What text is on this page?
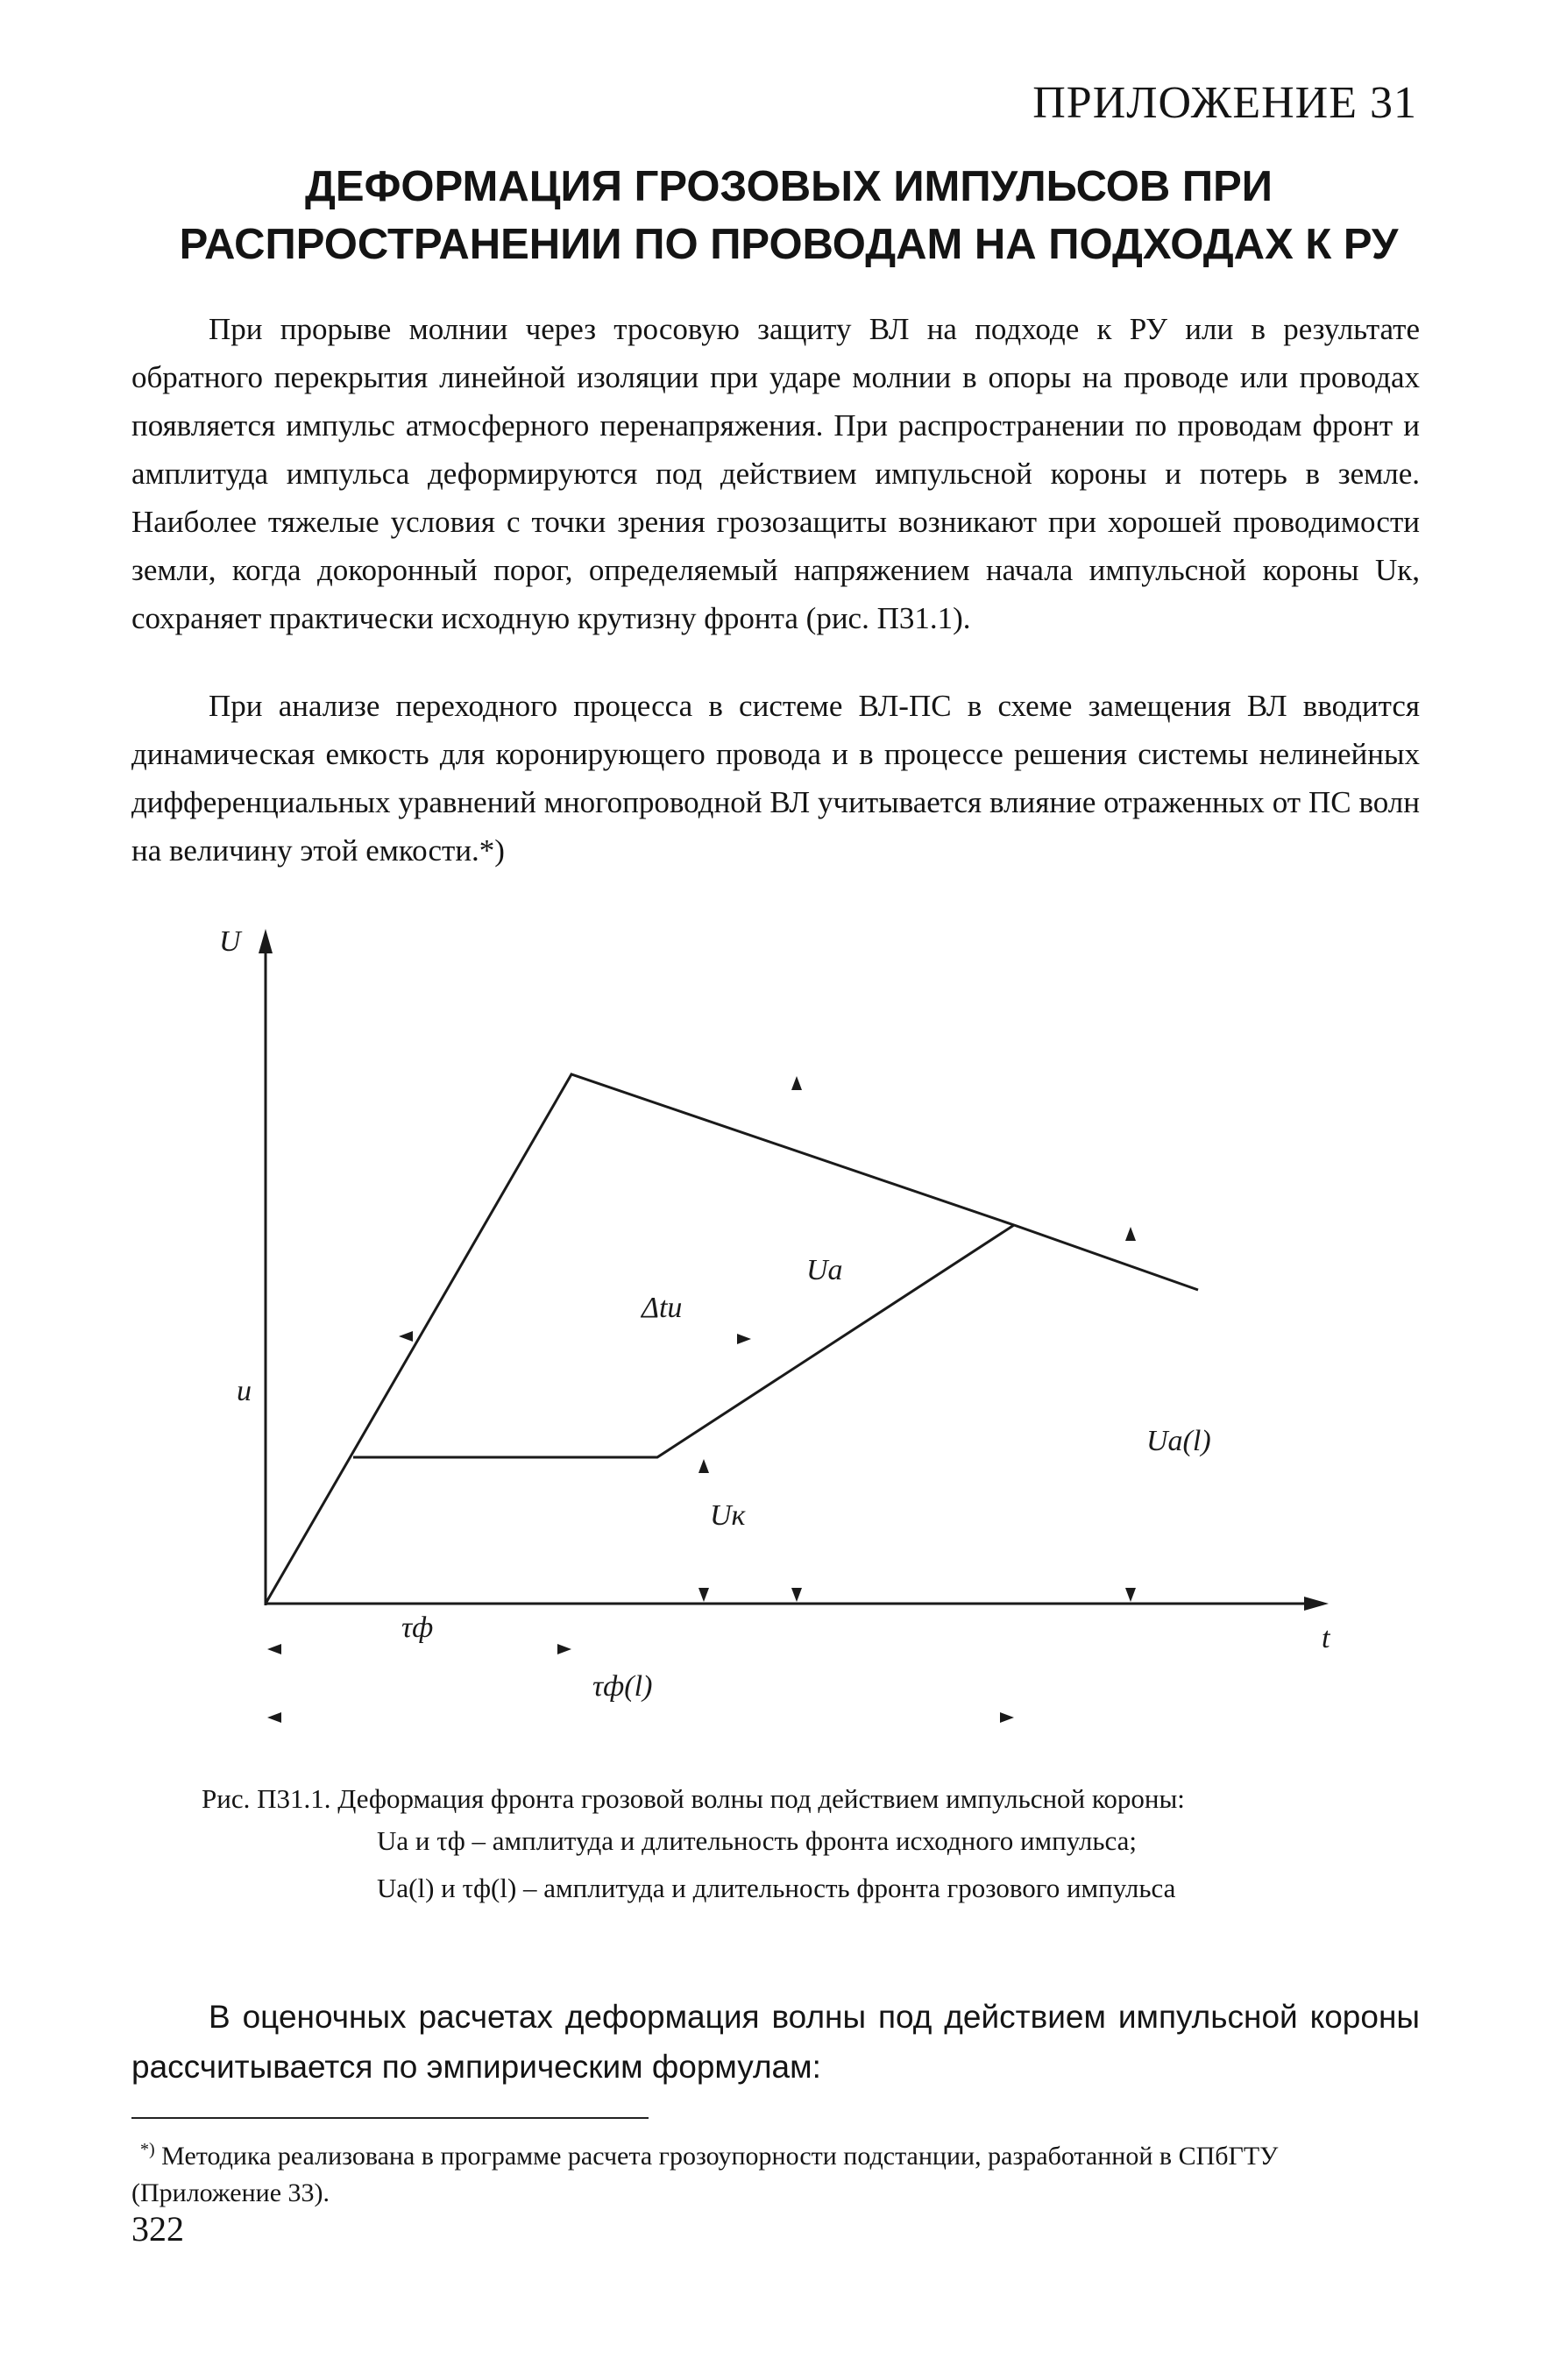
ПРИЛОЖЕНИЕ 31
ДЕФОРМАЦИЯ ГРОЗОВЫХ ИМПУЛЬСОВ ПРИ
РАСПРОСТРАНЕНИИ ПО ПРОВОДАМ НА ПОДХОДАХ К РУ

При прорыве молнии через тросовую защиту ВЛ на подходе к РУ или в результате обратного перекрытия линейной изоляции при ударе молнии в опоры на проводе или проводах появляется импульс атмосферного перенапряжения. При распространении по проводам фронт и амплитуда импульса деформируются под действием импульсной короны и потерь в земле. Наиболее тяжелые условия с точки зрения грозозащиты возникают при хорошей проводимости земли, когда докоронный порог, определяемый напряжением начала импульсной короны Uк, сохраняет практически исходную крутизну фронта (рис. П31.1).

При анализе переходного процесса в системе ВЛ-ПС в схеме замещения ВЛ вводится динамическая емкость для коронирующего провода и в процессе решения системы нелинейных дифференциальных уравнений многопроводной ВЛ учитывается влияние отраженных от ПС волн на величину этой емкости.*)

U
t
u
Δtи
Uа
Uа(l)
Uк
τф
τф(l)
Рис. П31.1. Деформация фронта грозовой волны под действием импульсной короны:
Uа и τф – амплитуда и длительность фронта исходного импульса;
Uа(l) и τф(l) – амплитуда и длительность фронта грозового импульса

В оценочных расчетах деформация волны под действием импульсной короны рассчитывается по эмпирическим формулам:

*) Методика реализована в программе расчета грозоупорности подстанции, разработанной в СПбГТУ (Приложение 33).
322
